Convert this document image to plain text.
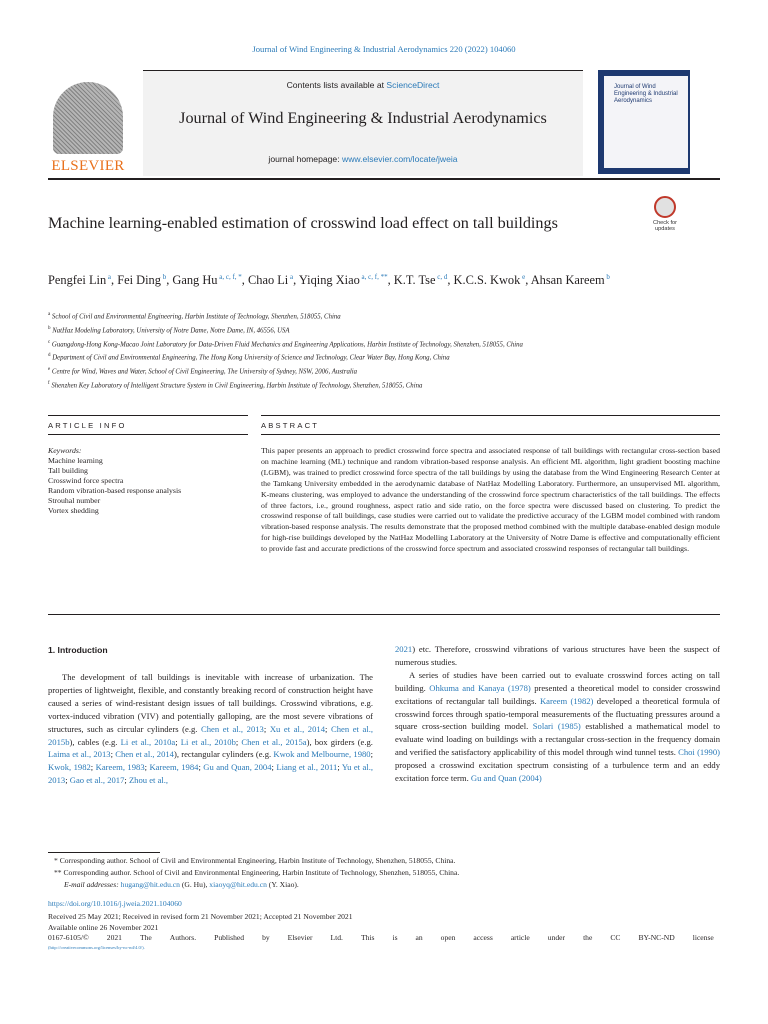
Journal of Wind Engineering & Industrial Aerodynamics 220 (2022) 104060
ELSEVIER
Contents lists available at ScienceDirect
Journal of Wind Engineering & Industrial Aerodynamics
journal homepage: www.elsevier.com/locate/jweia
Journal of Wind Engineering & Industrial Aerodynamics
Check for updates
Machine learning-enabled estimation of crosswind load effect on tall buildings
Pengfei Lin $^a$, Fei Ding $^b$, Gang Hu $^{a, c, f, *}$, Chao Li $^a$, Yiqing Xiao $^{a, c, f, **}$, K.T. Tse $^{c, d}$, K.C.S. Kwok $^e$, Ahsan Kareem $^b$
$^a$ School of Civil and Environmental Engineering, Harbin Institute of Technology, Shenzhen, 518055, China
$^b$ NatHaz Modeling Laboratory, University of Notre Dame, Notre Dame, IN, 46556, USA
$^c$ Guangdong-Hong Kong-Macao Joint Laboratory for Data-Driven Fluid Mechanics and Engineering Applications, Harbin Institute of Technology, Shenzhen, 518055, China
$^d$ Department of Civil and Environmental Engineering, The Hong Kong University of Science and Technology, Clear Water Bay, Hong Kong, China
$^e$ Centre for Wind, Waves and Water, School of Civil Engineering, The University of Sydney, NSW, 2006, Australia
$^f$ Shenzhen Key Laboratory of Intelligent Structure System in Civil Engineering, Harbin Institute of Technology, Shenzhen, 518055, China
ARTICLE INFO	ABSTRACT
Keywords:
Machine learning
Tall building
Crosswind force spectra
Random vibration-based response analysis
Strouhal number
Vortex shedding
This paper presents an approach to predict crosswind force spectra and associated response of tall buildings with rectangular cross-section based on machine learning (ML) technique and random vibration-based response analysis. An efficient ML algorithm, light gradient boosting machine (LGBM), was trained to predict crosswind force spectra of the tall buildings by using the database from the Wind Engineering Research Center at the Tamkang University embedded in the aerodynamic database of NatHaz Modelling Laboratory. Furthermore, an unsupervised ML algorithm, K-means clustering, was employed to advance the understanding of the crosswind force spectrum characteristics of the tall buildings. The effects of three factors, i.e., ground roughness, aspect ratio and side ratio, on the force spectra were discussed based on clustering. To predict the crosswind response of tall buildings, case studies were carried out to validate the predictive accuracy of the LGBM model combined with random vibration-based response analysis. The results demonstrate that the proposed method combined with the multiple database-enabled design module for high-rise buildings developed by the NatHaz Modelling Laboratory at the University of Notre Dame is effective and computationally efficient to provide fast and accurate predictions of the crosswind force spectrum and associated crosswind responses of rectangular tall buildings.
1. Introduction

The development of tall buildings is inevitable with increase of urbanization. The properties of lightweight, flexible, and constantly breaking record of construction height have caused a series of wind-resistant design issues of tall buildings. Crosswind vibrations, e.g. vortex-induced vibration (VIV) and potentially galloping, are the most severe vibrations of structures, such as circular cylinders (e.g. Chen et al., 2013; Xu et al., 2014; Chen et al., 2015b), cables (e.g. Li et al., 2010a; Li et al., 2010b; Chen et al., 2015a), box girders (e.g. Laima et al., 2013; Chen et al., 2014), rectangular cylinders (e.g. Kwok and Melbourne, 1980; Kwok, 1982; Kareem, 1983; Kareem, 1984; Gu and Quan, 2004; Liang et al., 2011; Yu et al., 2013; Gao et al., 2017; Zhou et al.,

2021) etc. Therefore, crosswind vibrations of various structures have been the suspect of numerous studies.

A series of studies have been carried out to evaluate crosswind forces acting on tall building. Ohkuma and Kanaya (1978) presented a theoretical model to consider crosswind excitations of rectangular tall buildings. Kareem (1982) developed a theoretical formula of crosswind forces through spatio-temporal measurements of the fluctuating pressures around a square cross-section building model. Solari (1985) established a mathematical model to evaluate wind loading on buildings with a rectangular cross-section in the frequency domain and verified the satisfactory applicability of this model through wind tunnel tests. Choi (1990) proposed a crosswind excitation spectrum consisting of a turbulence term and an eddy excitation force term. Gu and Quan (2004)

* Corresponding author. School of Civil and Environmental Engineering, Harbin Institute of Technology, Shenzhen, 518055, China.
** Corresponding author. School of Civil and Environmental Engineering, Harbin Institute of Technology, Shenzhen, 518055, China.
E-mail addresses: hugang@hit.edu.cn (G. Hu), xiaoyq@hit.edu.cn (Y. Xiao).
https://doi.org/10.1016/j.jweia.2021.104060
Received 25 May 2021; Received in revised form 21 November 2021; Accepted 21 November 2021
Available online 26 November 2021
0167-6105/© 2021 The Authors. Published by Elsevier Ltd. This is an open access article under the CC BY-NC-ND license
(http://creativecommons.org/licenses/by-nc-nd/4.0/).
